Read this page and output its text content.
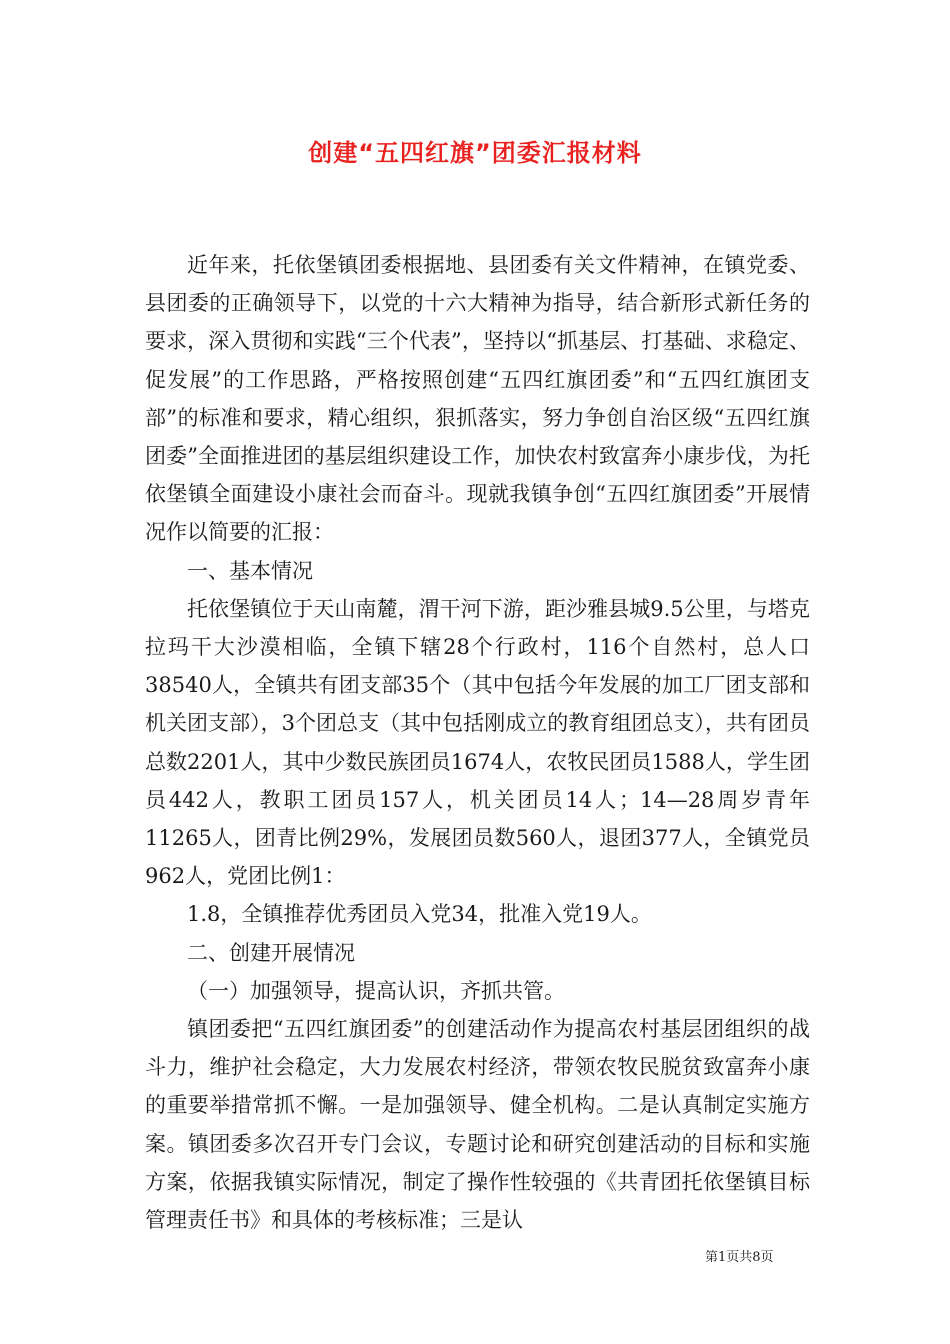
创建“五四红旗”团委汇报材料

近年来，托依堡镇团委根据地、县团委有关文件精神，在镇党委、县团委的正确领导下，以党的十六大精神为指导，结合新形式新任务的要求，深入贯彻和实践“三个代表”，坚持以“抓基层、打基础、求稳定、促发展”的工作思路，严格按照创建“五四红旗团委”和“五四红旗团支部”的标准和要求，精心组织，狠抓落实，努力争创自治区级“五四红旗团委”全面推进团的基层组织建设工作，加快农村致富奔小康步伐，为托依堡镇全面建设小康社会而奋斗。现就我镇争创“五四红旗团委”开展情况作以简要的汇报：

一、基本情况

托依堡镇位于天山南麓，渭干河下游，距沙雅县城9.5公里，与塔克拉玛干大沙漠相临，全镇下辖28个行政村，116个自然村，总人口38540人，全镇共有团支部35个（其中包括今年发展的加工厂团支部和机关团支部），3个团总支（其中包括刚成立的教育组团总支），共有团员总数2201人，其中少数民族团员1674人，农牧民团员1588人，学生团员442人，教职工团员157人，机关团员14人；14—28周岁青年11265人，团青比例29%，发展团员数560人，退团377人，全镇党员962人，党团比例1：

1.8，全镇推荐优秀团员入党34，批准入党19人。

二、创建开展情况

（一）加强领导，提高认识，齐抓共管。

镇团委把“五四红旗团委”的创建活动作为提高农村基层团组织的战斗力，维护社会稳定，大力发展农村经济，带领农牧民脱贫致富奔小康的重要举措常抓不懈。一是加强领导、健全机构。二是认真制定实施方案。镇团委多次召开专门会议，专题讨论和研究创建活动的目标和实施方案，依据我镇实际情况，制定了操作性较强的《共青团托依堡镇目标管理责任书》和具体的考核标准；三是认

第1页共8页
